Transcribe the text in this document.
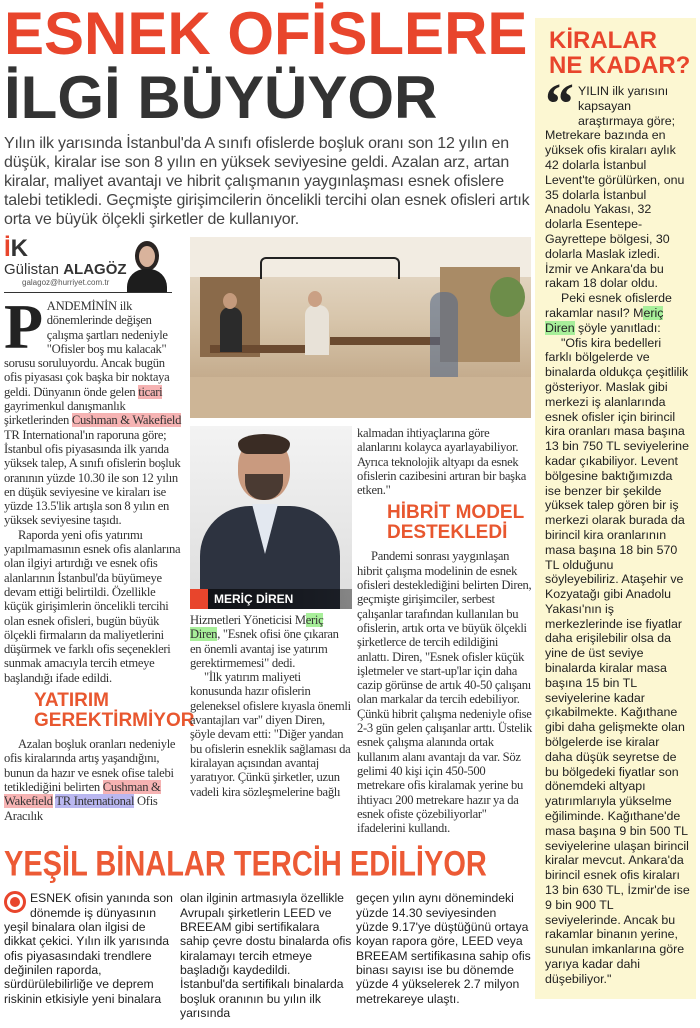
ESNEK OFİSLERE
İLGİ BÜYÜYOR
Yılın ilk yarısında İstanbul'da A sınıfı ofislerde boşluk oranı son 12 yılın en düşük, kiralar ise son 8 yılın en yüksek seviyesine geldi. Azalan arz, artan kiralar, maliyet avantajı ve hibrit çalışmanın yaygınlaşması esnek ofislere talebi tetikledi. Geçmişte girişimcilerin öncelikli tercihi olan esnek ofisleri artık orta ve büyük ölçekli şirketler de kullanıyor.
İK
Gülistan ALAGÖZ
galagoz@hurriyet.com.tr

PANDEMİNİN ilk dönemlerinde değişen çalışma şartları nedeniyle "Ofisler boş mu kalacak" sorusu soruluyordu. Ancak bugün ofis piyasası çok başka bir noktaya geldi. Dünyanın önde gelen ticari gayrimenkul danışmanlık şirketlerinden Cushman & Wakefield TR International'ın raporuna göre; İstanbul ofis piyasasında ilk yarıda yüksek talep, A sınıfı ofislerin boşluk oranının yüzde 10.30 ile son 12 yılın en düşük seviyesine ve kiraları ise yüzde 13.5'lik artışla son 8 yılın en yüksek seviyesine taşıdı.

Raporda yeni ofis yatırımı yapılmamasının esnek ofis alanlarına olan ilgiyi artırdığı ve esnek ofis alanlarının İstanbul'da büyümeye devam ettiği belirtildi. Özellikle küçük girişimlerin öncelikli tercihi olan esnek ofisleri, bugün büyük ölçekli firmaların da maliyetlerini düşürmek ve farklı ofis seçenekleri sunmak amacıyla tercih etmeye başlandığı ifade edildi.

YATIRIM GEREKTİRMİYOR

Azalan boşluk oranları nedeniyle ofis kiralarında artış yaşandığını, bunun da hazır ve esnek ofise talebi tetiklediğini belirten Cushman & Wakefield TR International Ofis Aracılık

MERİÇ DİREN

Hizmetleri Yöneticisi Meriç Diren, "Esnek ofisi öne çıkaran en önemli avantaj ise yatırım gerektirmemesi" dedi.

"İlk yatırım maliyeti konusunda hazır ofislerin geleneksel ofislere kıyasla önemli avantajları var" diyen Diren, şöyle devam etti: "Diğer yandan bu ofislerin esneklik sağlaması da kiralayan açısından avantaj yaratıyor. Çünkü şirketler, uzun vadeli kira sözleşmelerine bağlı

kalmadan ihtiyaçlarına göre alanlarını kolayca ayarlayabiliyor. Ayrıca teknolojik altyapı da esnek ofislerin cazibesini artıran bir başka etken."

HİBRİT MODEL DESTEKLEDİ

Pandemi sonrası yaygınlaşan hibrit çalışma modelinin de esnek ofisleri desteklediğini belirten Diren, geçmişte girişimciler, serbest çalışanlar tarafından kullanılan bu ofislerin, artık orta ve büyük ölçekli şirketlerce de tercih edildiğini anlattı. Diren, "Esnek ofisler küçük işletmeler ve start-up'lar için daha cazip görünse de artık 40-50 çalışanı olan markalar da tercih edebiliyor. Çünkü hibrit çalışma nedeniyle ofise 2-3 gün gelen çalışanlar arttı. Üstelik esnek çalışma alanında ortak kullanım alanı avantajı da var. Söz gelimi 40 kişi için 450-500 metrekare ofis kiralamak yerine bu ihtiyacı 200 metrekare hazır ya da esnek ofiste çözebiliyorlar" ifadelerini kullandı.

YEŞİL BİNALAR TERCİH EDİLİYOR
ESNEK ofisin yanında son dönemde iş dünyasının yeşil binalara olan ilgisi de dikkat çekici. Yılın ilk yarısında ofis piyasasındaki trendlere değinilen raporda, sürdürülebilirliğe ve deprem riskinin etkisiyle yeni binalara
olan ilginin artmasıyla özellikle Avrupalı şirketlerin LEED ve BREEAM gibi sertifikalara sahip çevre dostu binalarda ofis kiralamayı tercih etmeye başladığı kaydedildi. İstanbul'da sertifikalı binalarda boşluk oranının bu yılın ilk yarısında
geçen yılın aynı dönemindeki yüzde 14.30 seviyesinden yüzde 9.17'ye düştüğünü ortaya koyan rapora göre, LEED veya BREEAM sertifikasına sahip ofis binası sayısı ise bu dönemde yüzde 4 yükselerek 2.7 milyon metrekareye ulaştı.
KİRALAR
NE KADAR?

“ YILIN ilk yarısını kapsayan araştırmaya göre; Metrekare bazında en yüksek ofis kiraları aylık 42 dolarla İstanbul Levent'te görülürken, onu 35 dolarla İstanbul Anadolu Yakası, 32 dolarla Esentepe-Gayrettepe bölgesi, 30 dolarla Maslak izledi. İzmir ve Ankara'da bu rakam 18 dolar oldu.

Peki esnek ofislerde rakamlar nasıl? Meriç Diren şöyle yanıtladı:

"Ofis kira bedelleri farklı bölgelerde ve binalarda oldukça çeşitlilik gösteriyor. Maslak gibi merkezi iş alanlarında esnek ofisler için birincil kira oranları masa başına 13 bin 750 TL seviyelerine kadar çıkabiliyor. Levent bölgesine baktığımızda ise benzer bir şekilde yüksek talep gören bir iş merkezi olarak burada da birincil kira oranlarının masa başına 18 bin 570 TL olduğunu söyleyebiliriz. Ataşehir ve Kozyatağı gibi Anadolu Yakası'nın iş merkezlerinde ise fiyatlar daha erişilebilir olsa da yine de üst seviye binalarda kiralar masa başına 15 bin TL seviyelerine kadar çıkabilmekte. Kağıthane gibi daha gelişmekte olan bölgelerde ise kiralar daha düşük seyretse de bu bölgedeki fiyatlar son dönemdeki altyapı yatırımlarıyla yükselme eğiliminde. Kağıthane'de masa başına 9 bin 500 TL seviyelerine ulaşan birincil kiralar mevcut. Ankara'da birincil esnek ofis kiraları 13 bin 630 TL, İzmir'de ise 9 bin 900 TL seviyelerinde. Ancak bu rakamlar binanın yerine, sunulan imkanlarına göre yarıya kadar dahi düşebiliyor."
